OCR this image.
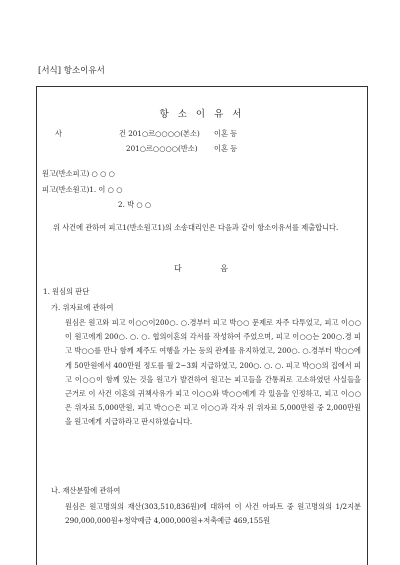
[서식] 항소이유서
항 소 이 유 서
사	건 201○르○○○○(본소) 이혼 등
201○르○○○○(반소) 이혼 등
원고(반소피고) ○ ○ ○
피고(반소원고)1. 이 ○ ○
2. 박 ○ ○
위 사건에 관하여 피고1(반소원고1)의 소송대리인은 다음과 같이 항소이유서를 제출합니다.
다	음
1. 원심의 판단
가. 위자료에 관하여
원심은 원고와 피고 이○○이200○. ○.경부터 피고 박○○ 문제로 자주 다투었고, 피고 이○○이 원고에게 200○. ○. ○. 협의이혼의 각서를 작성하여 주었으며, 피고 이○○는 200○.경 피고 박○○를 만나 함께 제주도 여행을 가는 등의 관계를 유지하였고, 200○. ○.경부터 박○○에게 50만원에서 400만원 정도를 월 2~3회 지급하였고, 200○. ○. ○. 피고 박○○의 집에서 피고 이○○이 함께 있는 것을 원고가 발견하여 원고는 피고들을 간통죄로 고소하였던 사실들을 근거로 이 사건 이혼의 귀책사유가 피고 이○○와 박○○에게 각 있음을 인정하고, 피고 이○○은 위자료 5,000만원, 피고 박○○은 피고 이○○과 각자 위 위자료 5,000만원 중 2,000만원을 원고에게 지급하라고 판시하였습니다.
나. 재산분할에 관하여
원심은 원고명의의 재산(303,510,836원)에 대하여 이 사건 아파트 중 원고명의의 1/2지분 290,000,000원+청약예금 4,000,000원+저축예금 469,155원
